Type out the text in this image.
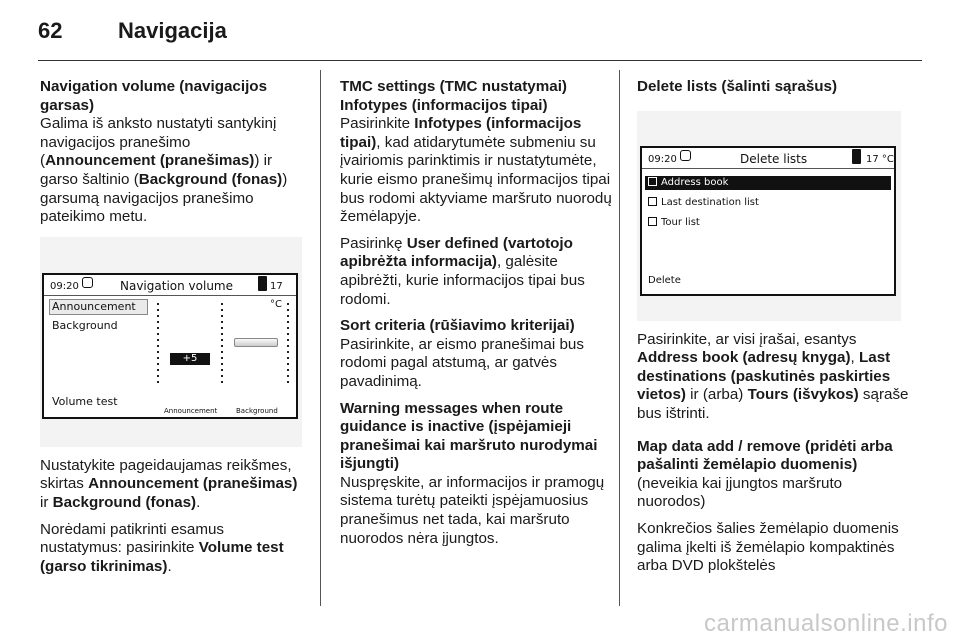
62	Navigacija

Navigation volume (navigacijos garsas)

Galima iš anksto nustatyti santykinį navigacijos pranešimo (Announcement (pranešimas)) ir garso šaltinio (Background (fonas)) garsumą navigacijos pranešimo pateikimo metu.

09:20	Navigation volume	17 °C
Announcement
Background
Volume test
+5
Announcement	Background

Nustatykite pageidaujamas reikšmes, skirtas Announcement (pranešimas) ir Background (fonas).

Norėdami patikrinti esamus nustatymus: pasirinkite Volume test (garso tikrinimas).

TMC settings (TMC nustatymai)

Infotypes (informacijos tipai)

Pasirinkite Infotypes (informacijos tipai), kad atidarytumėte submeniu su įvairiomis parinktimis ir nustatytumėte, kurie eismo pranešimų informacijos tipai bus rodomi aktyviame maršruto nuorodų žemėlapyje.

Pasirinkę User defined (vartotojo apibrėžta informacija), galėsite apibrėžti, kurie informacijos tipai bus rodomi.

Sort criteria (rūšiavimo kriterijai)

Pasirinkite, ar eismo pranešimai bus rodomi pagal atstumą, ar gatvės pavadinimą.

Warning messages when route guidance is inactive (įspėjamieji pranešimai kai maršruto nurodymai išjungti)

Nuspręskite, ar informacijos ir pramogų sistema turėtų pateikti įspėjamuosius pranešimus net tada, kai maršruto nuorodos nėra įjungtos.

Delete lists (šalinti sąrašus)

09:20	Delete lists	17 °C
Address book
Last destination list
Tour list
Delete

Pasirinkite, ar visi įrašai, esantys Address book (adresų knyga), Last destinations (paskutinės paskirties vietos) ir (arba) Tours (išvykos) sąraše bus ištrinti.

Map data add / remove (pridėti arba pašalinti žemėlapio duomenis)

(neveikia kai įjungtos maršruto nuorodos)

Konkrečios šalies žemėlapio duomenis galima įkelti iš žemėlapio kompaktinės arba DVD plokštelės

carmanualsonline.info
